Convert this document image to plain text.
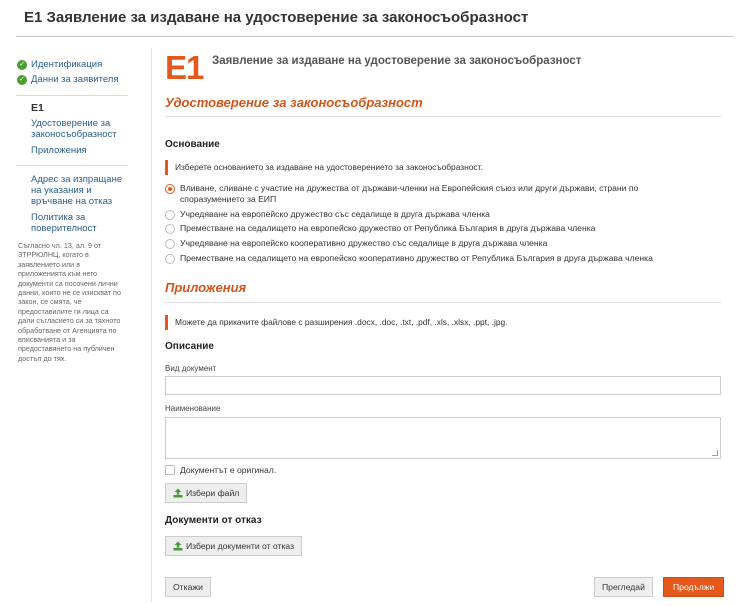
E1 Заявление за издаване на удостоверение за законосъобразност
✓ Идентификация
✓ Данни за заявителя
E1
Удостоверение за законосъобразност
Приложения
Адрес за изпращане на указания и връчване на отказ
Политика за поверителност
Съгласно чл. 13, ал. 9 от ЗТРРЮЛНЦ, когато в заявлението или в приложенията към него документи са посочени лични данни, които не се изискват по закон, се смята, че предоставилите ги лица са дали съгласието си за тяхното обработване от Агенцията по вписванията и за предоставянето на публичен достъп до тях.
E1 Заявление за издаване на удостоверение за законосъобразност
Удостоверение за законосъобразност
Основание
Изберете основанието за издаване на удостоверението за законосъобразност.
Вливане, сливане с участие на дружества от държави-членки на Европейския съюз или други държави, страни по споразумението за ЕИП
Учредяване на европейско дружество със седалище в друга държава членка
Преместване на седалището на европейско дружество от Република България в друга държава членка
Учредяване на европейско кооперативно дружество със седалище в друга държава членка
Преместване на седалището на европейско кооперативно дружество от Република България в друга държава членка
Приложения
Можете да прикачите файлове с разширения .docx, .doc, .txt, .pdf, .xls, .xlsx, .ppt, .jpg.
Описание
Вид документ
Наименование
Документът е оригинал.
Избери файл
Документи от отказ
Избери документи от отказ
Откажи	Прегледай	Продължи
